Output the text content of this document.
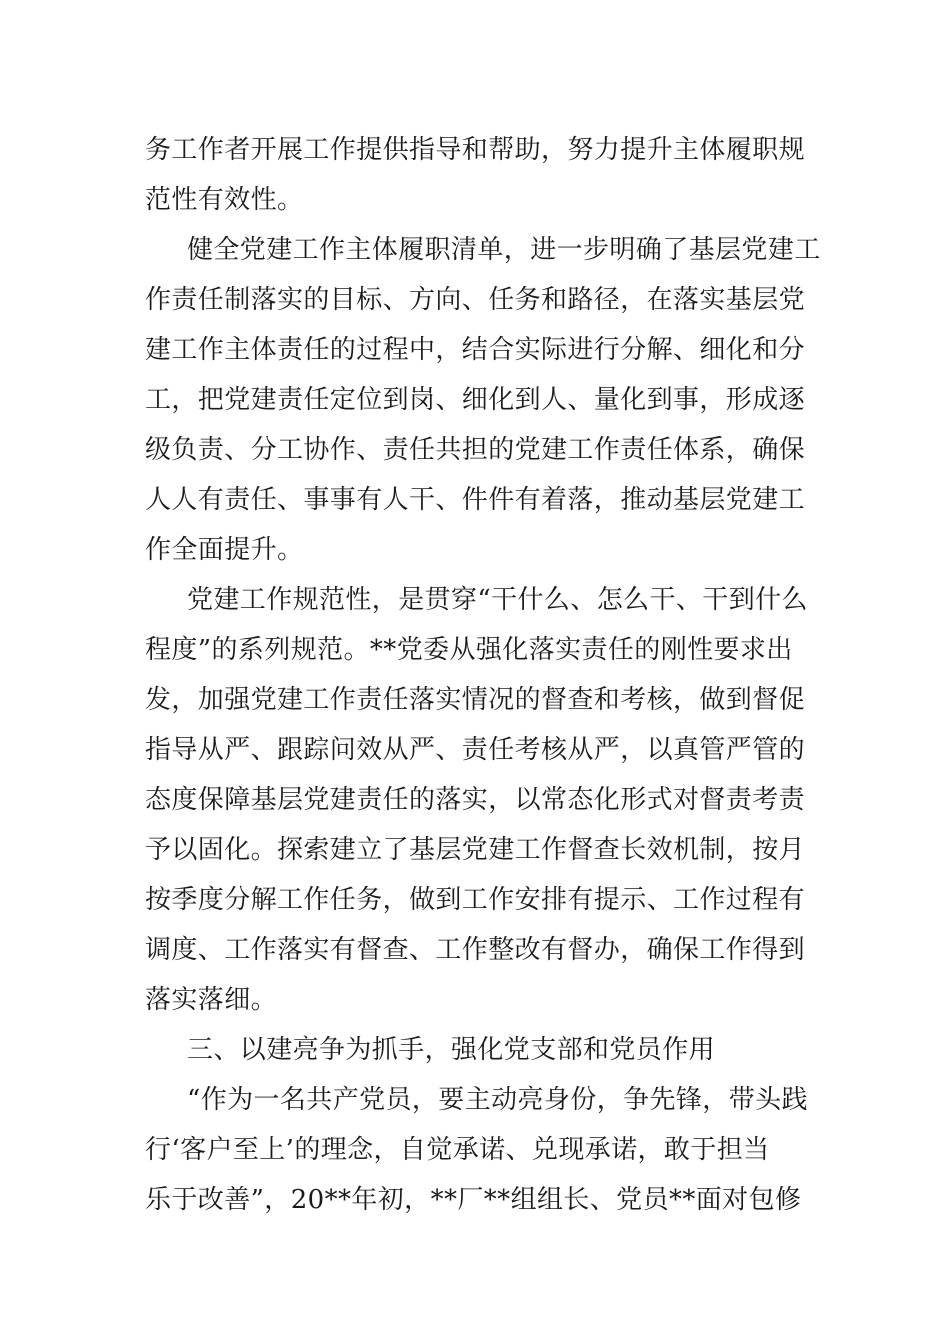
务工作者开展工作提供指导和帮助，努力提升主体履职规
范性有效性。
健全党建工作主体履职清单，进一步明确了基层党建工
作责任制落实的目标、方向、任务和路径，在落实基层党
建工作主体责任的过程中，结合实际进行分解、细化和分
工，把党建责任定位到岗、细化到人、量化到事，形成逐
级负责、分工协作、责任共担的党建工作责任体系，确保
人人有责任、事事有人干、件件有着落，推动基层党建工
作全面提升。
党建工作规范性，是贯穿“干什么、怎么干、干到什么
程度”的系列规范。**党委从强化落实责任的刚性要求出
发，加强党建工作责任落实情况的督查和考核，做到督促
指导从严、跟踪问效从严、责任考核从严，以真管严管的
态度保障基层党建责任的落实，以常态化形式对督责考责
予以固化。探索建立了基层党建工作督查长效机制，按月
按季度分解工作任务，做到工作安排有提示、工作过程有
调度、工作落实有督查、工作整改有督办，确保工作得到
落实落细。
三、以建亮争为抓手，强化党支部和党员作用
“作为一名共产党员，要主动亮身份，争先锋，带头践
行‘客户至上’的理念，自觉承诺、兑现承诺，敢于担当
乐于改善”，20**年初，**厂**组组长、党员**面对包修
